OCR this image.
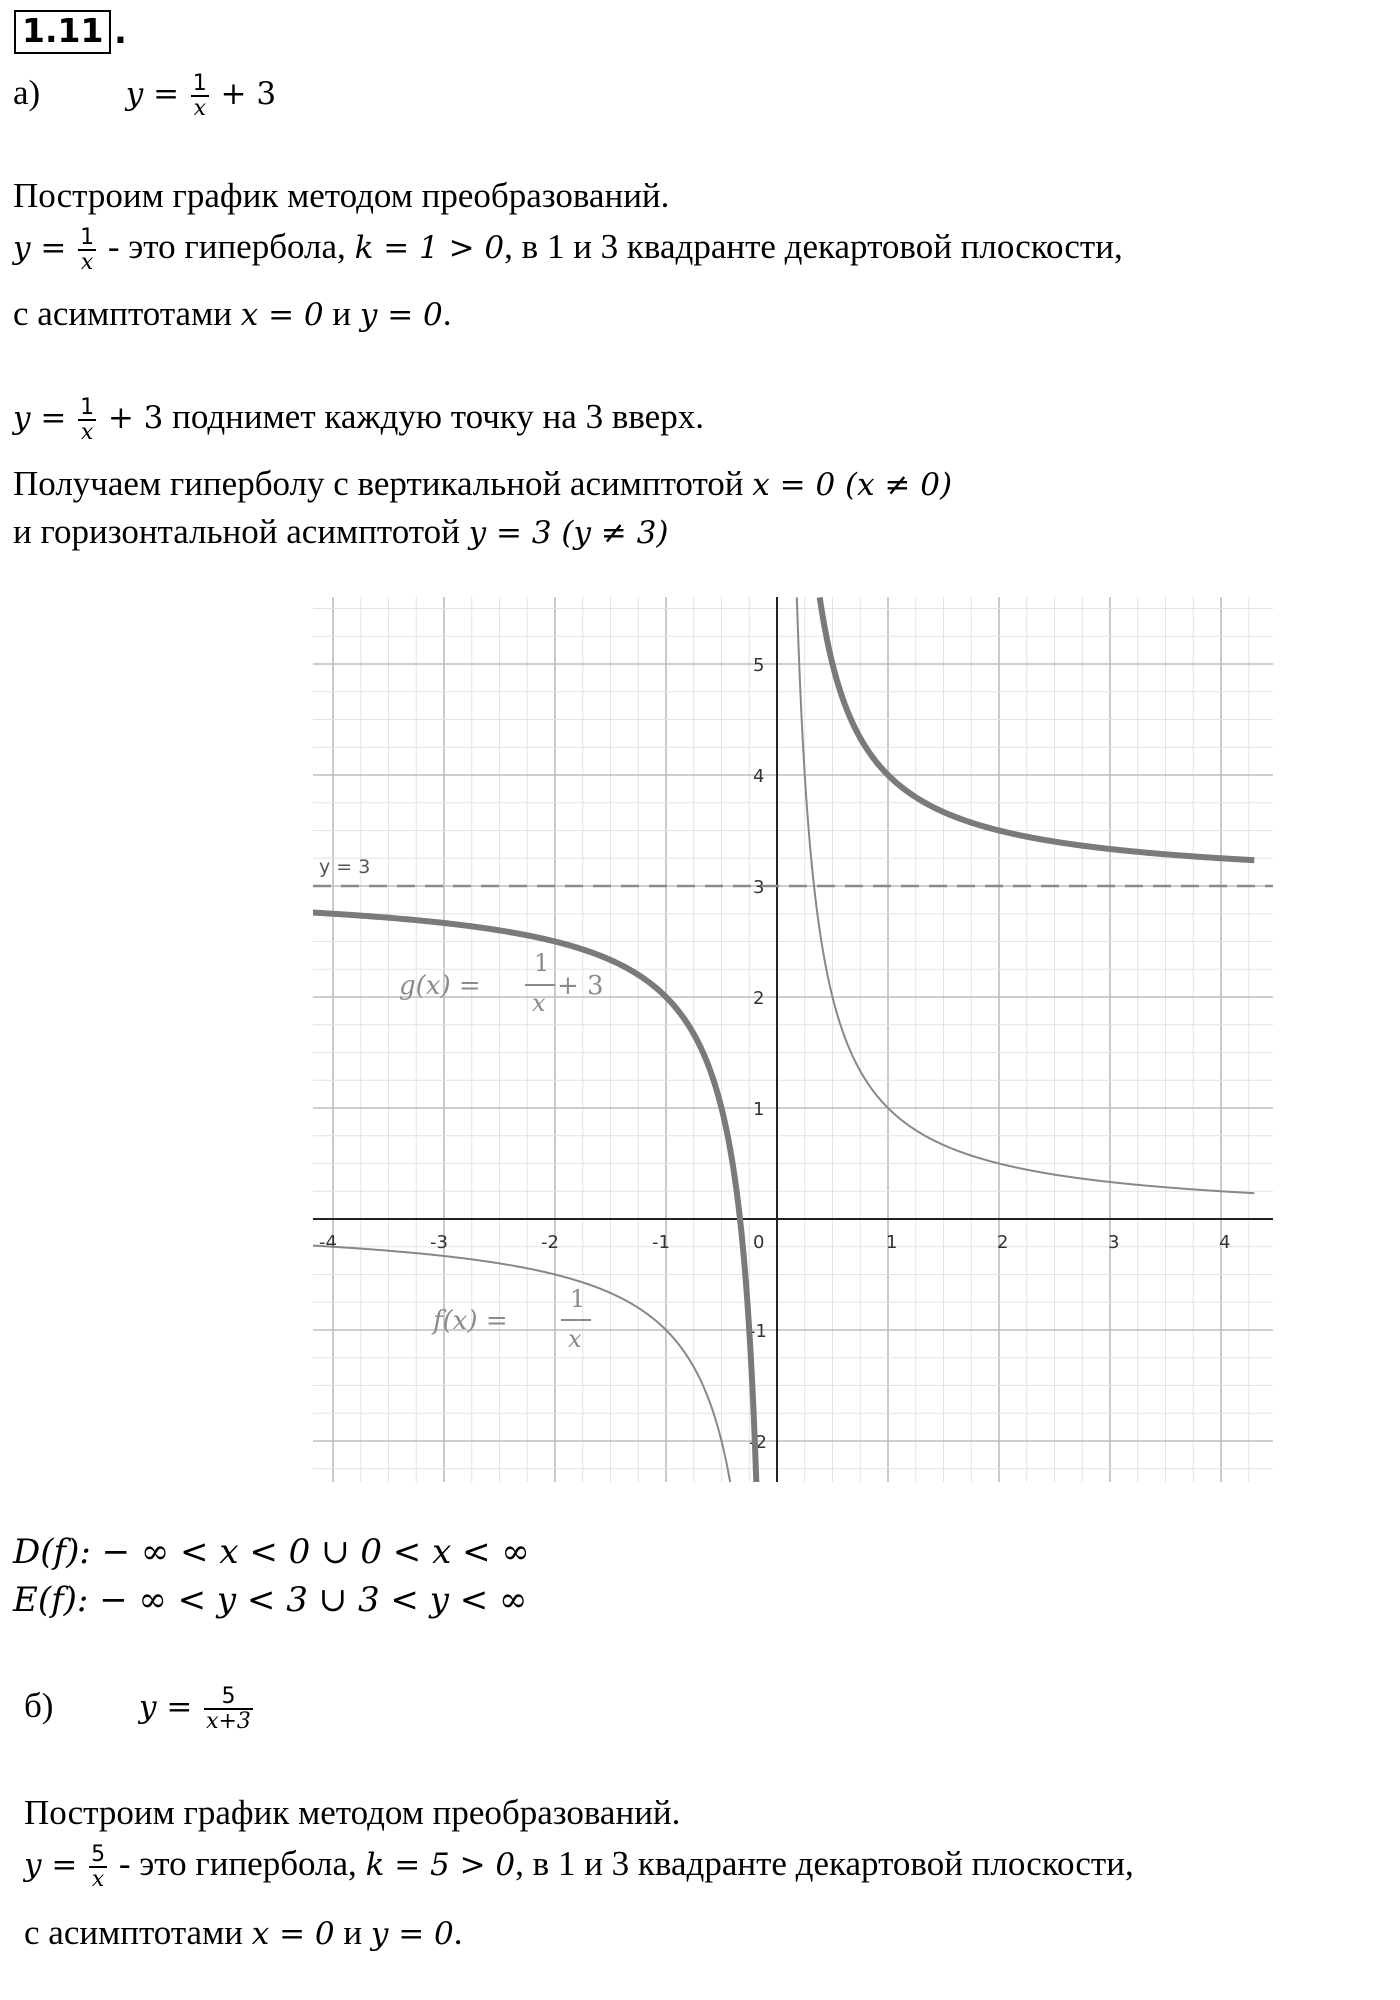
1.11 .
а)	$y = \frac{1}{x} + 3$
Построим график методом преобразований.
$y = \frac{1}{x}$ - это гипербола, k = 1 > 0, в 1 и 3 квадранте декартовой плоскости,
с асимптотами x = 0 и y = 0.
$y = \frac{1}{x} + 3$ поднимет каждую точку на 3 вверх.
Получаем гиперболу с вертикальной асимптотой x = 0 (x ≠ 0)
и горизонтальной асимптотой y = 3 (y ≠ 3)
-4	-3	-2	-1	0	1	2	3	4
-2
-1
1
2
3
4
5
y = 3
g(x) =
1
x
+ 3
f(x) =
1
x
D(f): − ∞ < x < 0 ∪ 0 < x < ∞
E(f): − ∞ < y < 3 ∪ 3 < y < ∞
б)	$y = \frac{5}{x+3}$
Построим график методом преобразований.
$y = \frac{5}{x}$ - это гипербола, k = 5 > 0, в 1 и 3 квадранте декартовой плоскости,
с асимптотами x = 0 и y = 0.
